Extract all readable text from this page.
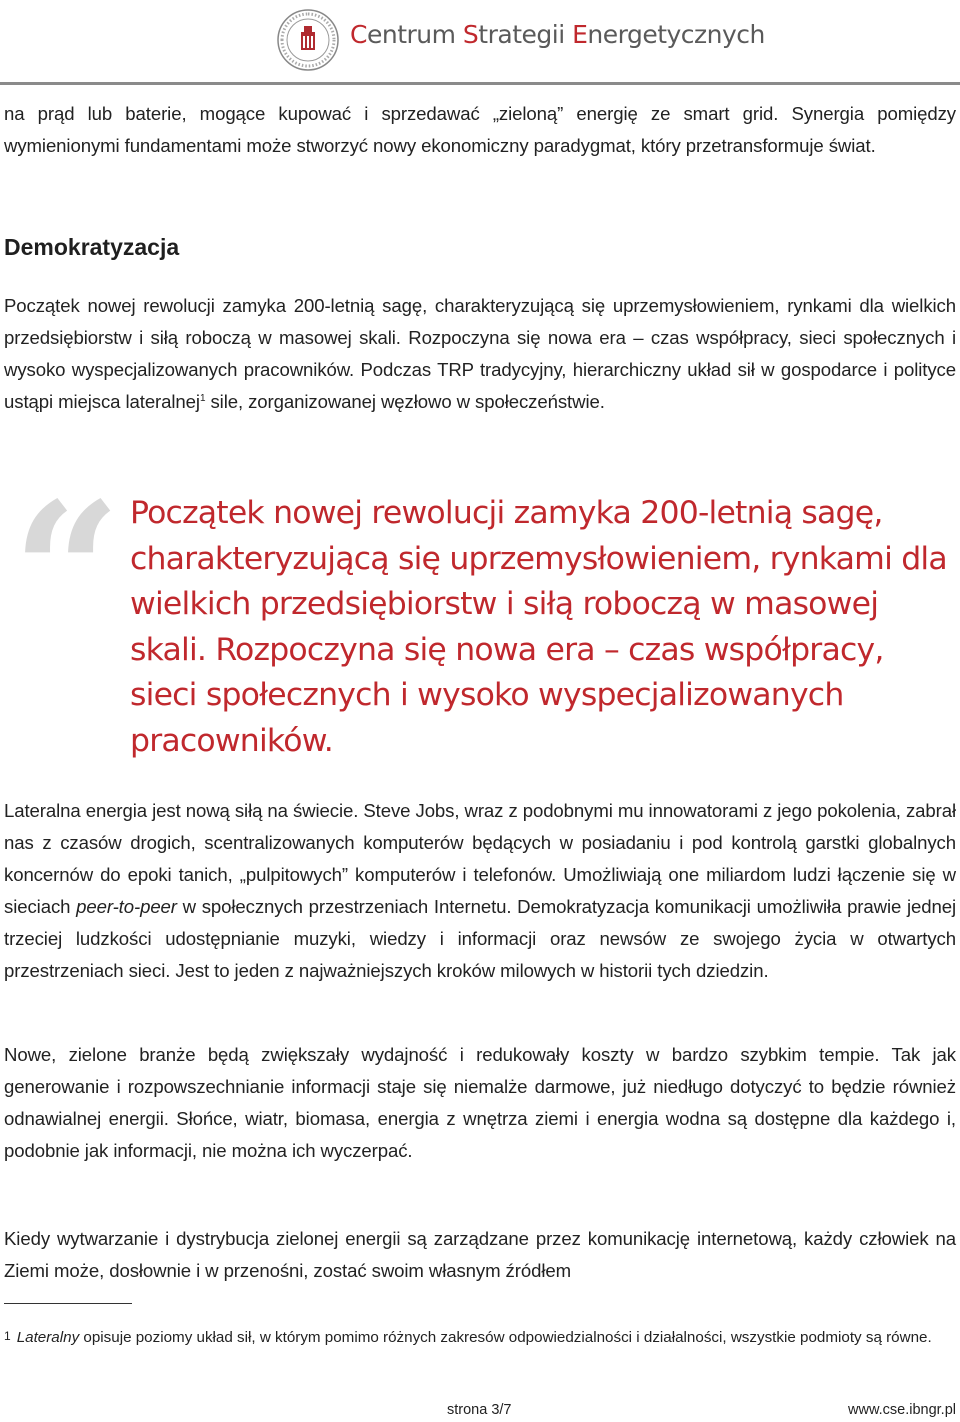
Centrum Strategii Energetycznych

na prąd lub baterie, mogące kupować i sprzedawać „zieloną” energię ze smart grid. Synergia pomiędzy wymienionymi fundamentami może stworzyć nowy ekonomiczny paradygmat, który przetransformuje świat.

Demokratyzacja

Początek nowej rewolucji zamyka 200-letnią sagę, charakteryzującą się uprzemysłowieniem, rynkami dla wielkich przedsiębiorstw i siłą roboczą w masowej skali. Rozpoczyna się nowa era – czas współpracy, sieci społecznych i wysoko wyspecjalizowanych pracowników. Podczas TRP tradycyjny, hierarchiczny układ sił w gospodarce i polityce ustąpi miejsca lateralnej$^1$ sile, zorganizowanej węzłowo w społeczeństwie.

“ Początek nowej rewolucji zamyka 200-letnią sagę, charakteryzującą się uprzemysłowieniem, rynkami dla wielkich przedsiębiorstw i siłą roboczą w masowej skali. Rozpoczyna się nowa era – czas współpracy, sieci społecznych i wysoko wyspecjalizowanych pracowników.

Lateralna energia jest nową siłą na świecie. Steve Jobs, wraz z podobnymi mu innowatorami z jego pokolenia, zabrał nas z czasów drogich, scentralizowanych komputerów będących w posiadaniu i pod kontrolą garstki globalnych koncernów do epoki tanich, „pulpitowych” komputerów i telefonów. Umożliwiają one miliardom ludzi łączenie się w sieciach peer-to-peer w społecznych przestrzeniach Internetu. Demokratyzacja komunikacji umożliwiła prawie jednej trzeciej ludzkości udostępnianie muzyki, wiedzy i informacji oraz newsów ze swojego życia w otwartych przestrzeniach sieci. Jest to jeden z najważniejszych kroków milowych w historii tych dziedzin.

Nowe, zielone branże będą zwiększały wydajność i redukowały koszty w bardzo szybkim tempie. Tak jak generowanie i rozpowszechnianie informacji staje się niemalże darmowe, już niedługo dotyczyć to będzie również odnawialnej energii. Słońce, wiatr, biomasa, energia z wnętrza ziemi i energia wodna są dostępne dla każdego i, podobnie jak informacji, nie można ich wyczerpać.

Kiedy wytwarzanie i dystrybucja zielonej energii są zarządzane przez komunikację internetową, każdy człowiek na Ziemi może, dosłownie i w przenośni, zostać swoim własnym źródłem

1 Lateralny opisuje poziomy układ sił, w którym pomimo różnych zakresów odpowiedzialności i działalności, wszystkie podmioty są równe.

strona 3/7	www.cse.ibngr.pl
